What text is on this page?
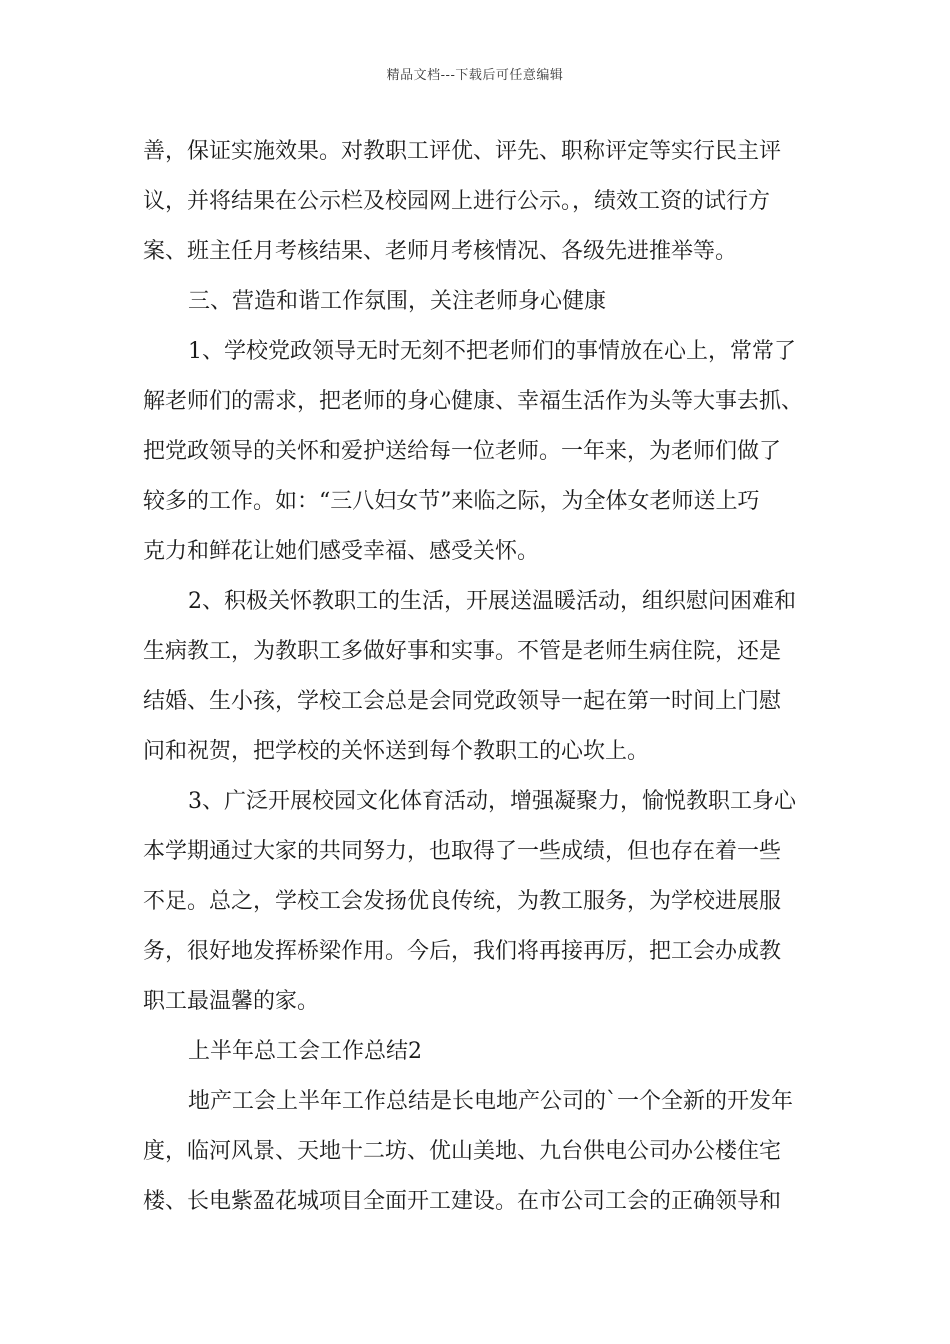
精品文档---下载后可任意编辑
善，保证实施效果。对教职工评优、评先、职称评定等实行民主评
议，并将结果在公示栏及校园网上进行公示。，绩效工资的试行方
案、班主任月考核结果、老师月考核情况、各级先进推举等。
三、营造和谐工作氛围，关注老师身心健康
1、学校党政领导无时无刻不把老师们的事情放在心上，常常了
解老师们的需求，把老师的身心健康、幸福生活作为头等大事去抓、
把党政领导的关怀和爱护送给每一位老师。一年来，为老师们做了
较多的工作。如：“三八妇女节”来临之际，为全体女老师送上巧
克力和鲜花让她们感受幸福、感受关怀。
2、积极关怀教职工的生活，开展送温暖活动，组织慰问困难和
生病教工，为教职工多做好事和实事。不管是老师生病住院，还是
结婚、生小孩，学校工会总是会同党政领导一起在第一时间上门慰
问和祝贺，把学校的关怀送到每个教职工的心坎上。
3、广泛开展校园文化体育活动，增强凝聚力，愉悦教职工身心
本学期通过大家的共同努力，也取得了一些成绩，但也存在着一些
不足。总之，学校工会发扬优良传统，为教工服务，为学校进展服
务，很好地发挥桥梁作用。今后，我们将再接再厉，把工会办成教
职工最温馨的家。
上半年总工会工作总结2
地产工会上半年工作总结是长电地产公司的`一个全新的开发年
度，临河风景、天地十二坊、优山美地、九台供电公司办公楼住宅
楼、长电紫盈花城项目全面开工建设。在市公司工会的正确领导和
